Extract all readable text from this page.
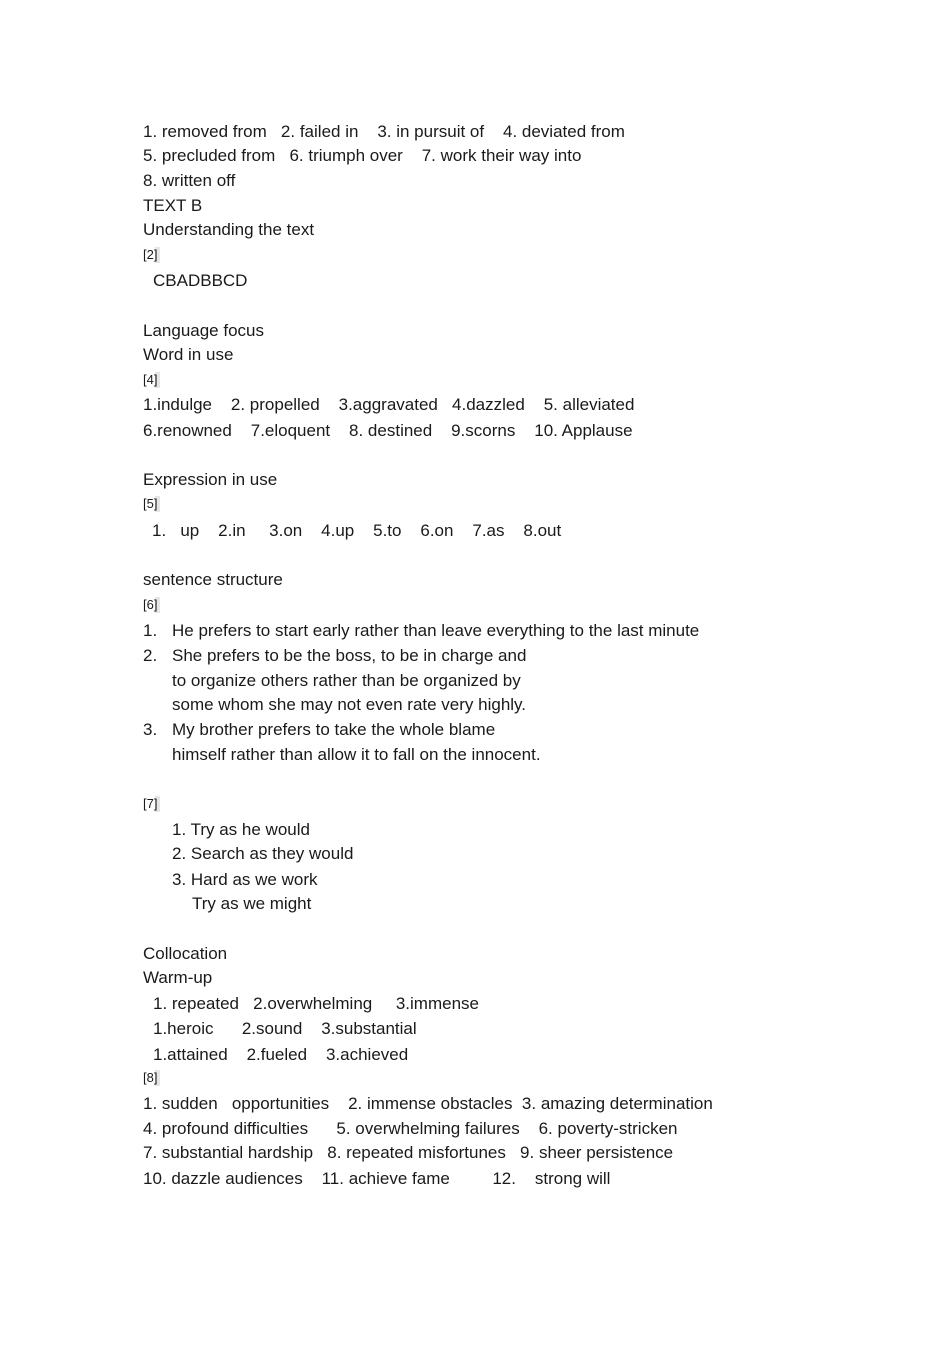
1. removed from   2. failed in    3. in pursuit of    4. deviated from
5. precluded from   6. triumph over    7. work their way into
8. written off
TEXT B
Understanding the text
[2]
CBADBBCD
Language focus
Word in use
[4]
1.indulge    2. propelled    3.aggravated   4.dazzled    5. alleviated
6.renowned    7.eloquent    8. destined    9.scorns    10. Applause
Expression in use
[5]
1.   up    2.in     3.on    4.up    5.to    6.on    7.as    8.out
sentence structure
[6]
1. He prefers to start early rather than leave everything to the last minute
2. She prefers to be the boss, to be in charge and
to organize others rather than be organized by
some whom she may not even rate very highly.
3. My brother prefers to take the whole blame
himself rather than allow it to fall on the innocent.
[7]
1. Try as he would
2. Search as they would
3. Hard as we work
Try as we might
Collocation
Warm-up
1. repeated   2.overwhelming     3.immense
1.heroic      2.sound    3.substantial
1.attained    2.fueled    3.achieved
[8]
1. sudden   opportunities    2. immense obstacles  3. amazing determination
4. profound difficulties      5. overwhelming failures    6. poverty-stricken
7. substantial hardship   8. repeated misfortunes   9. sheer persistence
10. dazzle audiences    11. achieve fame         12.    strong will
